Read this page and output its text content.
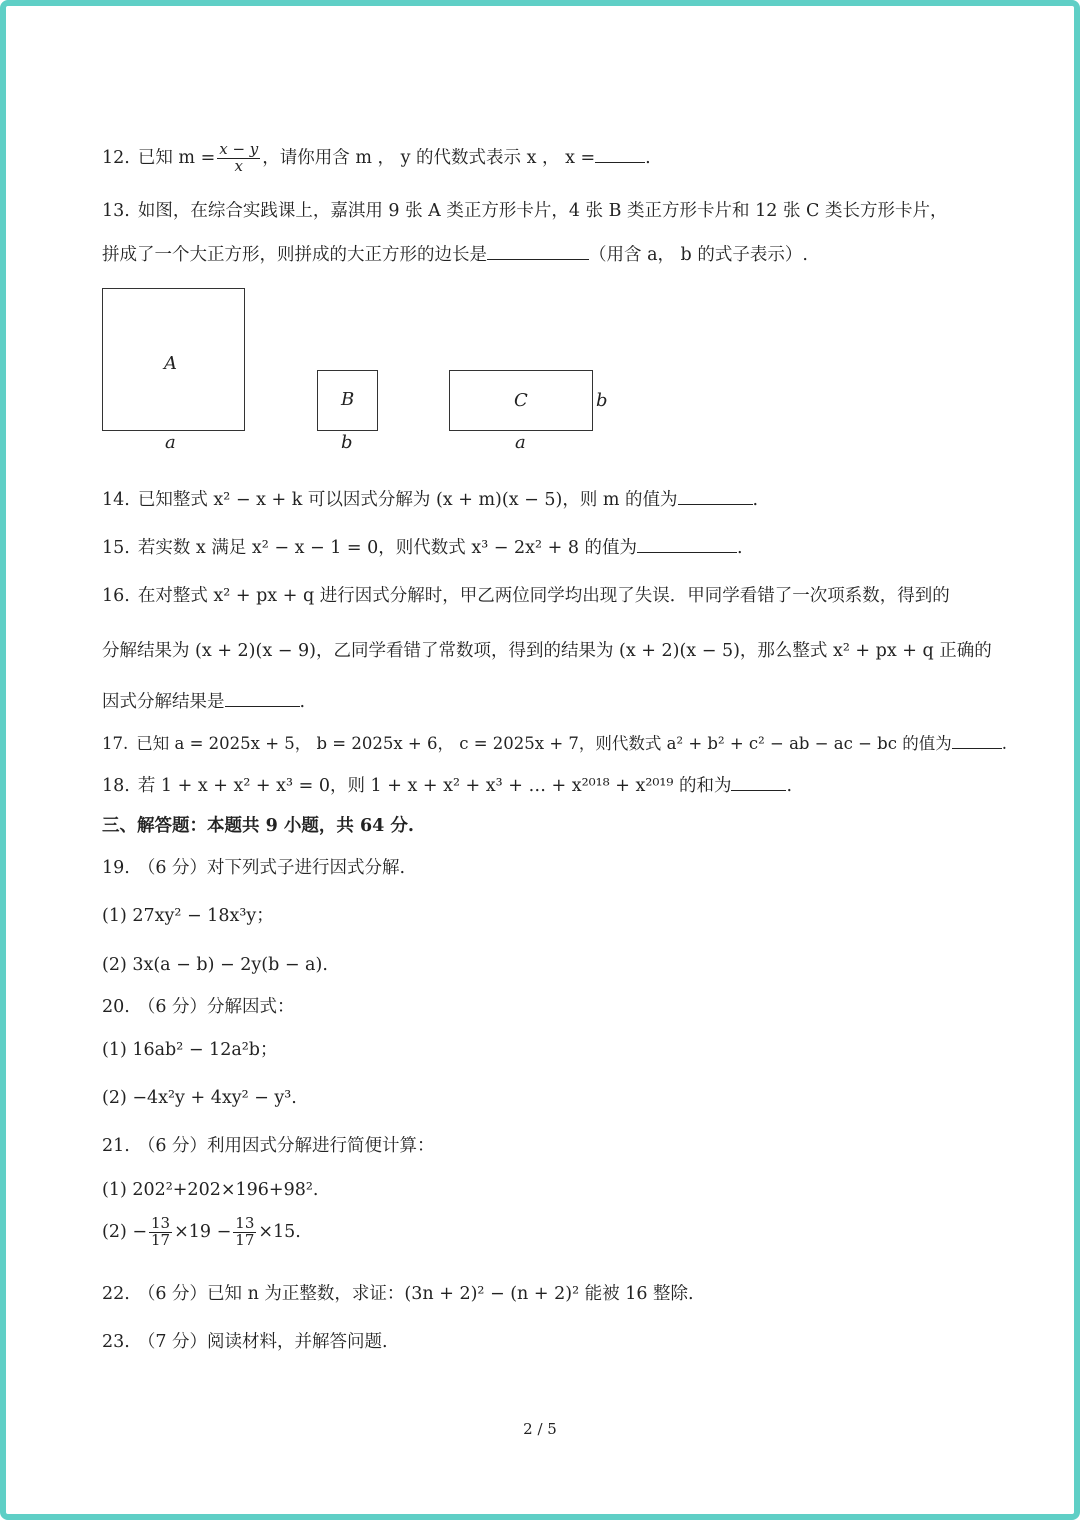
12. 已知 $m = \frac{x - y}{x}$ ，请你用含 m ， y 的代数式表示 x ， x =	.
13. 如图，在综合实践课上，嘉淇用 9 张 A 类正方形卡片，4 张 B 类正方形卡片和 12 张 C 类长方形卡片，
拼成了一个大正方形，则拼成的大正方形的边长是	（用含 a， b 的式子表示）.
A
a
B
b
C
a
b
14. 已知整式 x² − x + k 可以因式分解为 (x + m)(x − 5)，则 m 的值为	.
15. 若实数 x 满足 x² − x − 1 = 0，则代数式 x³ − 2x² + 8 的值为	.
16. 在对整式 x² + px + q 进行因式分解时，甲乙两位同学均出现了失误．甲同学看错了一次项系数，得到的
分解结果为 (x + 2)(x − 9)，乙同学看错了常数项，得到的结果为 (x + 2)(x − 5)，那么整式 x² + px + q 正确的
因式分解结果是	.
17. 已知 a = 2025x + 5， b = 2025x + 6， c = 2025x + 7，则代数式 a² + b² + c² − ab − ac − bc 的值为	.
18. 若 1 + x + x² + x³ = 0，则 1 + x + x² + x³ + … + x²⁰¹⁸ + x²⁰¹⁹ 的和为	.
三、解答题：本题共 9 小题，共 64 分.
19. （6 分）对下列式子进行因式分解.
(1) 27xy² − 18x³y；
(2) 3x(a − b) − 2y(b − a).
20. （6 分）分解因式：
(1) 16ab² − 12a²b；
(2) −4x²y + 4xy² − y³.
21. （6 分）利用因式分解进行简便计算：
(1) 202²+202×196+98².
$(2) - \frac{13}{17} \times 19 - \frac{13}{17} \times 15$.
22. （6 分）已知 n 为正整数，求证：(3n + 2)² − (n + 2)² 能被 16 整除.
23. （7 分）阅读材料，并解答问题.
2 / 5
